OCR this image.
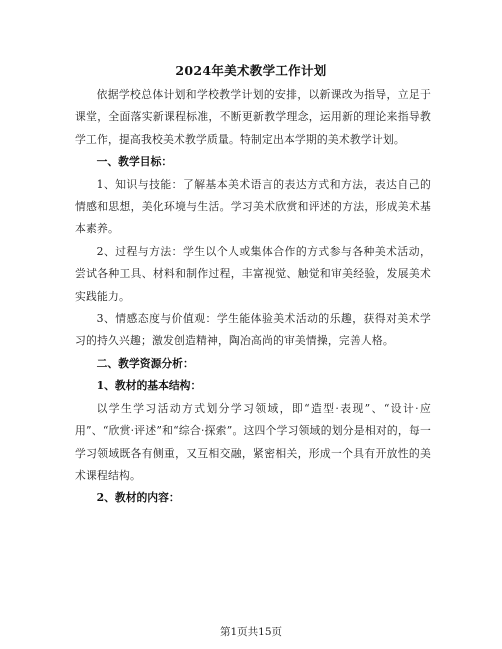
2024年美术教学工作计划

依据学校总体计划和学校教学计划的安排，以新课改为指导，立足于课堂，全面落实新课程标准，不断更新教学理念，运用新的理论来指导教学工作，提高我校美术教学质量。特制定出本学期的美术教学计划。

一、教学目标：

1、知识与技能：了解基本美术语言的表达方式和方法，表达自己的情感和思想，美化环境与生活。学习美术欣赏和评述的方法，形成美术基本素养。

2、过程与方法：学生以个人或集体合作的方式参与各种美术活动，尝试各种工具、材料和制作过程，丰富视觉、触觉和审美经验，发展美术实践能力。

3、情感态度与价值观：学生能体验美术活动的乐趣，获得对美术学习的持久兴趣；激发创造精神，陶冶高尚的审美情操，完善人格。

二、教学资源分析：

1、教材的基本结构：

以学生学习活动方式划分学习领域，即“造型·表现”、“设计·应用”、“欣赏·评述”和“综合·探索”。这四个学习领域的划分是相对的，每一学习领域既各有侧重，又互相交融，紧密相关，形成一个具有开放性的美术课程结构。

2、教材的内容：

第1页共15页
